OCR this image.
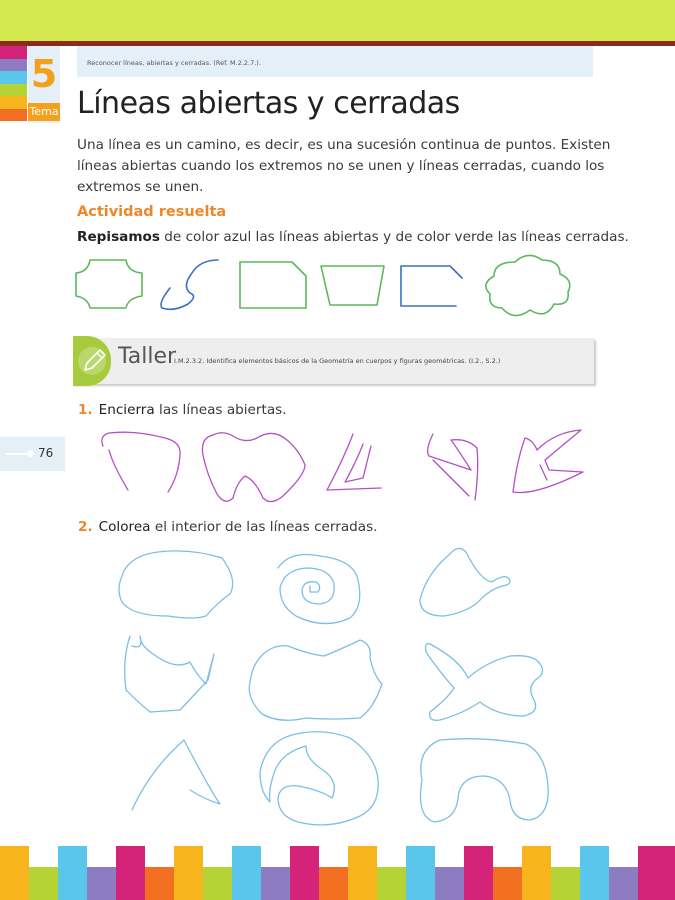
5
Tema
Reconocer líneas, abiertas y cerradas. (Ref. M.2.2.7.).
Líneas abiertas y cerradas
Una línea es un camino, es decir, es una sucesión continua de puntos. Existen líneas abiertas cuando los extremos no se unen y líneas cerradas, cuando los extremos se unen.
Actividad resuelta
Repisamos de color azul las líneas abiertas y de color verde las líneas cerradas.
Taller
I.M.2.3.2. Identifica elementos básicos de la Geometría en cuerpos y figuras geométricas. (I.2., S.2.)
76
1. Encierra las líneas abiertas.
2. Colorea el interior de las líneas cerradas.
